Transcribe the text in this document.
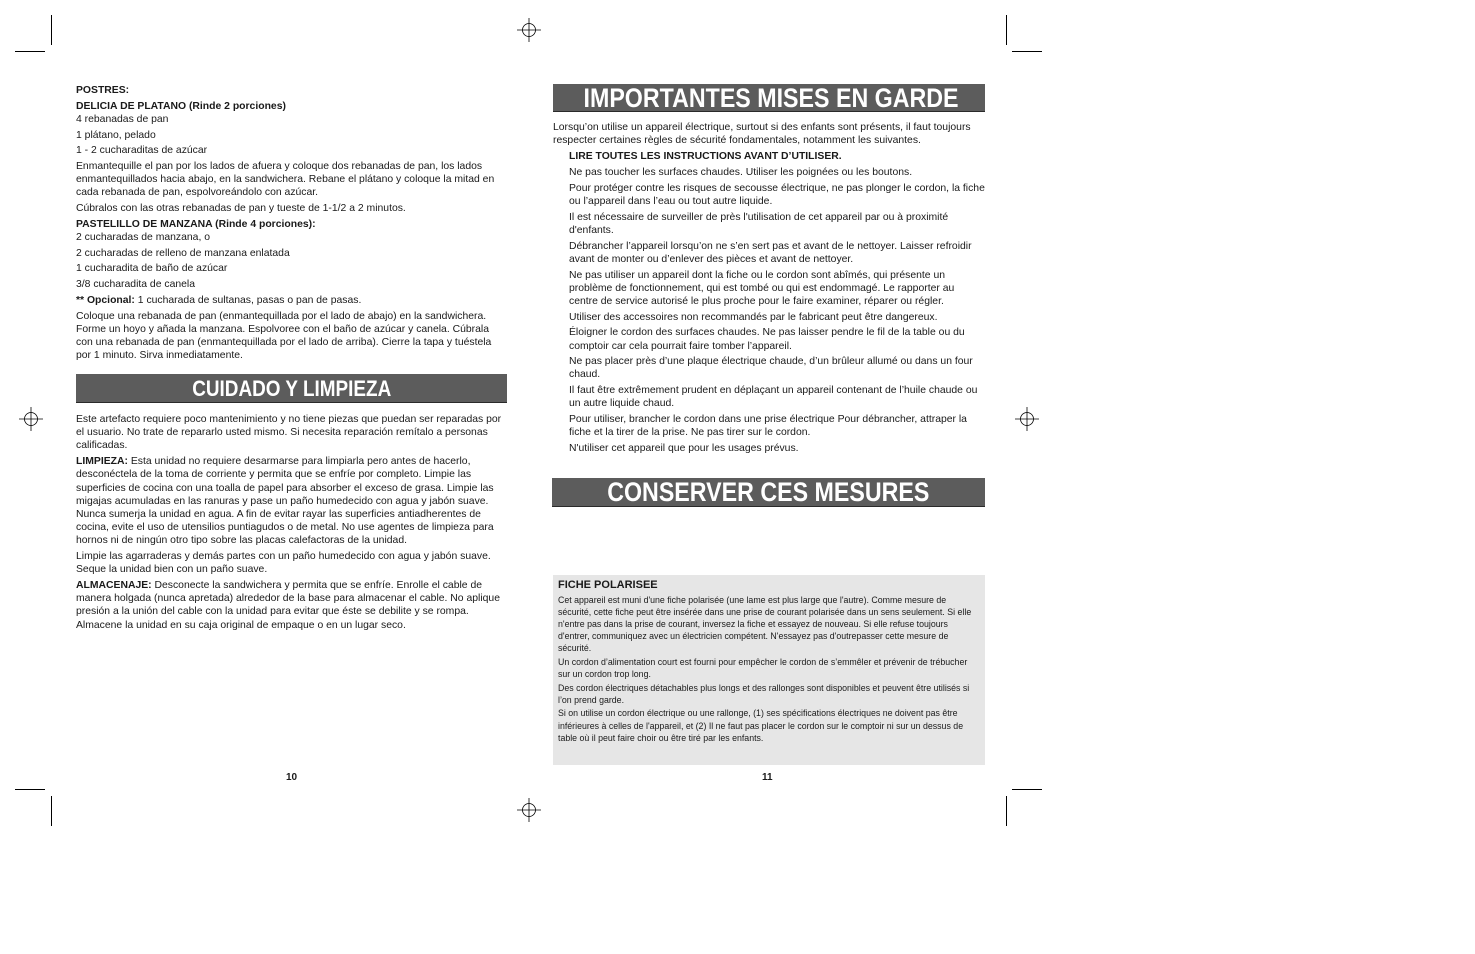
POSTRES:

DELICIA DE PLATANO (Rinde 2 porciones)

4 rebanadas de pan

1 plátano, pelado

1 - 2 cucharaditas de azúcar

Enmantequille el pan por los lados de afuera y coloque dos rebanadas de pan, los lados enmantequillados hacia abajo, en la sandwichera. Rebane el plátano y coloque la mitad en cada rebanada de pan, espolvoreándolo con azúcar.

Cúbralos con las otras rebanadas de pan y tueste de 1-1/2 a 2 minutos.

PASTELILLO DE MANZANA (Rinde 4 porciones):

2 cucharadas de manzana, o

2 cucharadas de relleno de manzana enlatada

1 cucharadita de baño de azúcar

3/8 cucharadita de canela

** Opcional: 1 cucharada de sultanas, pasas o pan de pasas.

Coloque una rebanada de pan (enmantequillada por el lado de abajo) en la sandwichera. Forme un hoyo y añada la manzana. Espolvoree con el baño de azúcar y canela. Cúbrala con una rebanada de pan (enmantequillada por el lado de arriba). Cierre la tapa y tuéstela por 1 minuto. Sirva inmediatamente.

CUIDADO Y LIMPIEZA

Este artefacto requiere poco mantenimiento y no tiene piezas que puedan ser reparadas por el usuario. No trate de repararlo usted mismo. Si necesita reparación remítalo a personas calificadas.

LIMPIEZA: Esta unidad no requiere desarmarse para limpiarla pero antes de hacerlo, desconéctela de la toma de corriente y permita que se enfríe por completo. Limpie las superficies de cocina con una toalla de papel para absorber el exceso de grasa. Limpie las migajas acumuladas en las ranuras y pase un paño humedecido con agua y jabón suave. Nunca sumerja la unidad en agua. A fin de evitar rayar las superficies antiadherentes de cocina, evite el uso de utensilios puntiagudos o de metal. No use agentes de limpieza para hornos ni de ningún otro tipo sobre las placas calefactoras de la unidad.

Limpie las agarraderas y demás partes con un paño humedecido con agua y jabón suave. Seque la unidad bien con un paño suave.

ALMACENAJE: Desconecte la sandwichera y permita que se enfríe. Enrolle el cable de manera holgada (nunca apretada) alrededor de la base para almacenar el cable. No aplique presión a la unión del cable con la unidad para evitar que éste se debilite y se rompa. Almacene la unidad en su caja original de empaque o en un lugar seco.

10
IMPORTANTES MISES EN GARDE

Lorsqu’on utilise un appareil électrique, surtout si des enfants sont présents, il faut toujours respecter certaines règles de sécurité fondamentales, notamment les suivantes.

LIRE TOUTES LES INSTRUCTIONS AVANT D’UTILISER.

Ne pas toucher les surfaces chaudes. Utiliser les poignées ou les boutons.

Pour protéger contre les risques de secousse électrique, ne pas plonger le cordon, la fiche ou l’appareil dans l’eau ou tout autre liquide.

Il est nécessaire de surveiller de près l'utilisation de cet appareil par ou à proximité d'enfants.

Débrancher l’appareil lorsqu’on ne s’en sert pas et avant de le nettoyer. Laisser refroidir avant de monter ou d’enlever des pièces et avant de nettoyer.

Ne pas utiliser un appareil dont la fiche ou le cordon sont abîmés, qui présente un problème de fonctionnement, qui est tombé ou qui est endommagé. Le rapporter au centre de service autorisé le plus proche pour le faire examiner, réparer ou régler.

Utiliser des accessoires non recommandés par le fabricant peut être dangereux.

Éloigner le cordon des surfaces chaudes. Ne pas laisser pendre le fil de la table ou du comptoir car cela pourrait faire tomber l’appareil.

Ne pas placer près d’une plaque électrique chaude, d’un brûleur allumé ou dans un four chaud.

Il faut être extrêmement prudent en déplaçant un appareil contenant de l’huile chaude ou un autre liquide chaud.

Pour utiliser, brancher le cordon dans une prise électrique Pour débrancher, attraper la fiche et la tirer de la prise. Ne pas tirer sur le cordon.

N'utiliser cet appareil que pour les usages prévus.

CONSERVER CES MESURES

FICHE POLARISEE

Cet appareil est muni d'une fiche polarisée (une lame est plus large que l'autre). Comme mesure de sécurité, cette fiche peut être insérée dans une prise de courant polarisée dans un sens seulement. Si elle n'entre pas dans la prise de courant, inversez la fiche et essayez de nouveau. Si elle refuse toujours d'entrer, communiquez avec un électricien compétent. N'essayez pas d'outrepasser cette mesure de sécurité.

Un cordon d’alimentation court est fourni pour empêcher le cordon de s’emmêler et prévenir de trébucher sur un cordon trop long.

Des cordon électriques détachables plus longs et des rallonges sont disponibles et peuvent être utilisés si l’on prend garde.

Si on utilise un cordon électrique ou une rallonge, (1) ses spécifications électriques ne doivent pas être inférieures à celles de l'appareil, et (2) Il ne faut pas placer le cordon sur le comptoir ni sur un dessus de table où il peut faire choir ou être tiré par les enfants.

11
